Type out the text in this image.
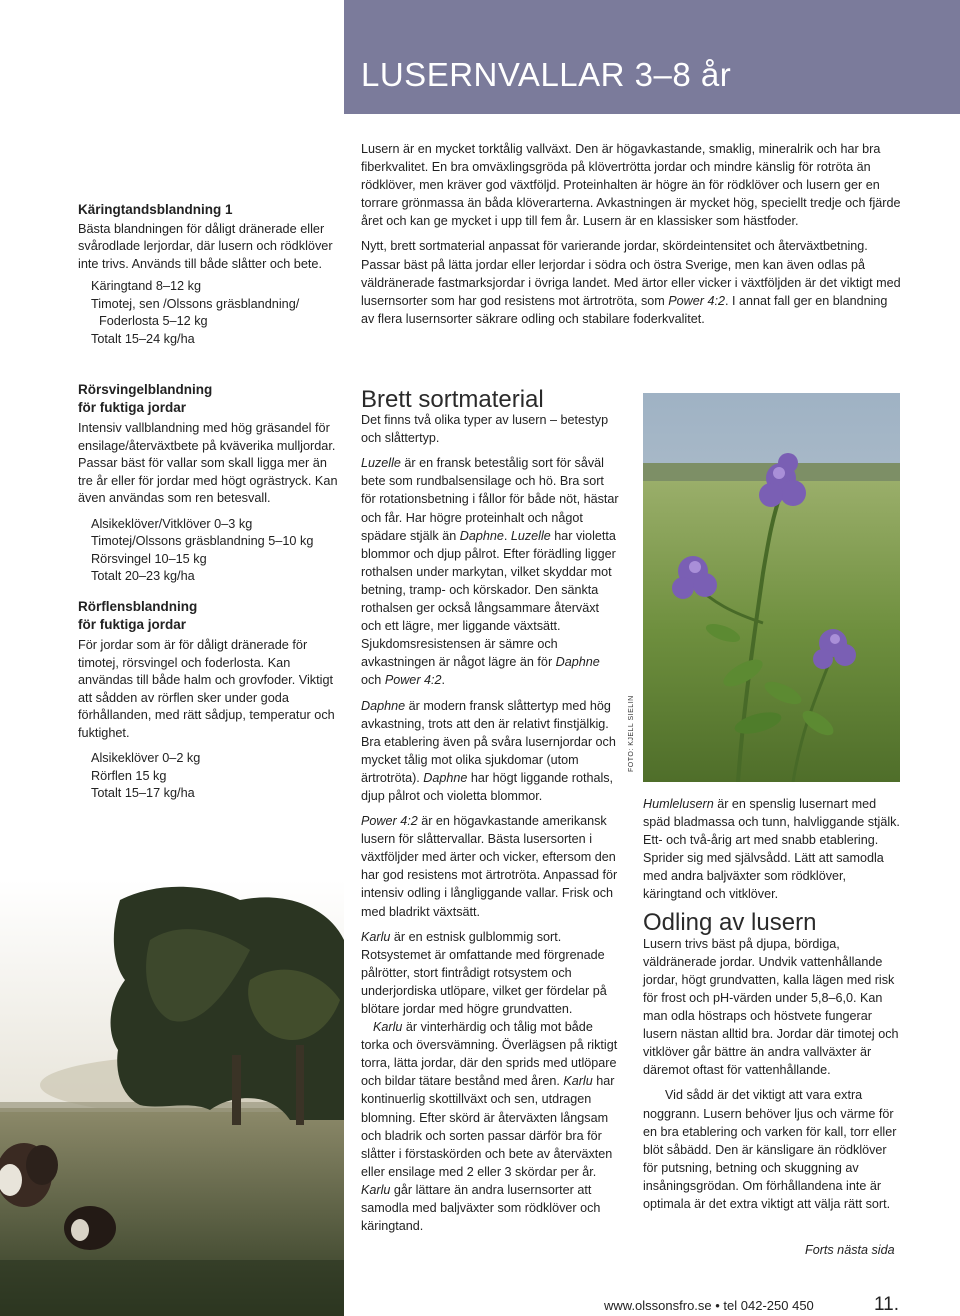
LUSERNVALLAR 3–8 år

Käringtandsblandning 1

Bästa blandningen för dåligt dränerade eller svårodlade lerjordar, där lusern och rödklöver inte trivs. Används till både slåtter och bete.

Käringtand 8–12 kg

Timotej, sen /Olssons gräsblandning/

Foderlosta 5–12 kg

Totalt 15–24 kg/ha

Rörsvingelblandning

för fuktiga jordar

Intensiv vallblandning med hög gräsandel för ensilage/återväxtbete på kväverika mulljordar. Passar bäst för vallar som skall ligga mer än tre år eller för jordar med högt ogrästryck. Kan även användas som ren betesvall.

Alsikeklöver/Vitklöver 0–3 kg

Timotej/Olssons gräsblandning 5–10 kg

Rörsvingel 10–15 kg

Totalt 20–23 kg/ha

Rörflensblandning

för fuktiga jordar

För jordar som är för dåligt dränerade för timotej, rörsvingel och foderlosta. Kan användas till både halm och grovfoder. Viktigt att sådden av rörflen sker under goda förhållanden, med rätt sådjup, temperatur och fuktighet.

Alsikeklöver 0–2 kg

Rörflen 15 kg

Totalt 15–17 kg/ha

Lusern är en mycket torktålig vallväxt. Den är högavkastande, smaklig, mineralrik och har bra fiberkvalitet. En bra omväxlingsgröda på klövertrötta jordar och mindre känslig för rotröta än rödklöver, men kräver god växtföljd. Proteinhalten är högre än för rödklöver och lusern ger en torrare grönmassa än båda klöverarterna. Avkastningen är mycket hög, speciellt tredje och fjärde året och kan ge mycket i upp till fem år. Lusern är en klassisker som hästfoder.

Nytt, brett sortmaterial anpassat för varierande jordar, skördeintensitet och återväxtbetning. Passar bäst på lätta jordar eller lerjordar i södra och östra Sverige, men kan även odlas på väldränerade fastmarksjordar i övriga landet. Med ärtor eller vicker i växtföljden är det viktigt med lusernsorter som har god resistens mot ärtrotröta, som Power 4:2. I annat fall ger en blandning av flera lusernsorter säkrare odling och stabilare foderkvalitet.

Brett sortmaterial

Det finns två olika typer av lusern – betestyp och slåttertyp.

Luzelle är en fransk betestålig sort för såväl bete som rundbalsensilage och hö. Bra sort för rotationsbetning i fållor för både nöt, hästar och får. Har högre proteinhalt och något spädare stjälk än Daphne. Luzelle har violetta blommor och djup pålrot. Efter förädling ligger rothalsen under markytan, vilket skyddar mot betning, tramp- och körskador. Den sänkta rothalsen ger också långsammare återväxt och ett lägre, mer liggande växtsätt. Sjukdomsresistensen är sämre och avkastningen är något lägre än för Daphne och Power 4:2.

Daphne är modern fransk slåttertyp med hög avkastning, trots att den är relativt finstjälkig. Bra etablering även på svåra lusernjordar och mycket tålig mot olika sjukdomar (utom ärtrotröta). Daphne har högt liggande rothals, djup pålrot och violetta blommor.

Power 4:2 är en högavkastande amerikansk lusern för slåttervallar. Bästa lusersorten i växtföljder med ärter och vicker, eftersom den har god resistens mot ärtrotröta. Anpassad för intensiv odling i långliggande vallar. Frisk och med bladrikt växtsätt.

Karlu är en estnisk gulblommig sort. Rotsystemet är omfattande med förgrenade pålrötter, stort fintrådigt rotsystem och underjordiska utlöpare, vilket ger fördelar på blötare jordar med högre grundvatten.
Karlu är vinterhärdig och tålig mot både torka och översvämning. Överlägsen på riktigt torra, lätta jordar, där den sprids med utlöpare och bildar tätare bestånd med åren. Karlu har kontinuerlig skottillväxt och sen, utdragen blomning. Efter skörd är återväxten långsam och bladrik och sorten passar därför bra för slåtter i förstaskörden och bete av återväxten eller ensilage med 2 eller 3 skördar per år. Karlu går lättare än andra lusernsorter att samodla med baljväxter som rödklöver och käringtand.

FOTO: KJELL SIELIN

Humlelusern är en spenslig lusernart med späd bladmassa och tunn, halvliggande stjälk. Ett- och två-årig art med snabb etablering. Sprider sig med självsådd. Lätt att samodla med andra baljväxter som rödklöver, käringtand och vitklöver.

Odling av lusern

Lusern trivs bäst på djupa, bördiga, väldränerade jordar. Undvik vattenhållande jordar, högt grundvatten, kalla lägen med risk för frost och pH-värden under 5,8–6,0. Kan man odla höstraps och höstvete fungerar lusern nästan alltid bra. Jordar där timotej och vitklöver går bättre än andra vallväxter är däremot oftast för vattenhållande.

Vid sådd är det viktigt att vara extra noggrann. Lusern behöver ljus och värme för en bra etablering och varken för kall, torr eller blöt såbädd. Den är känsligare än rödklöver för putsning, betning och skuggning av insåningsgrödan. Om förhållandena inte är optimala är det extra viktigt att välja rätt sort.

Forts nästa sida
www.olssonsfro.se • tel 042-250 450	11.
